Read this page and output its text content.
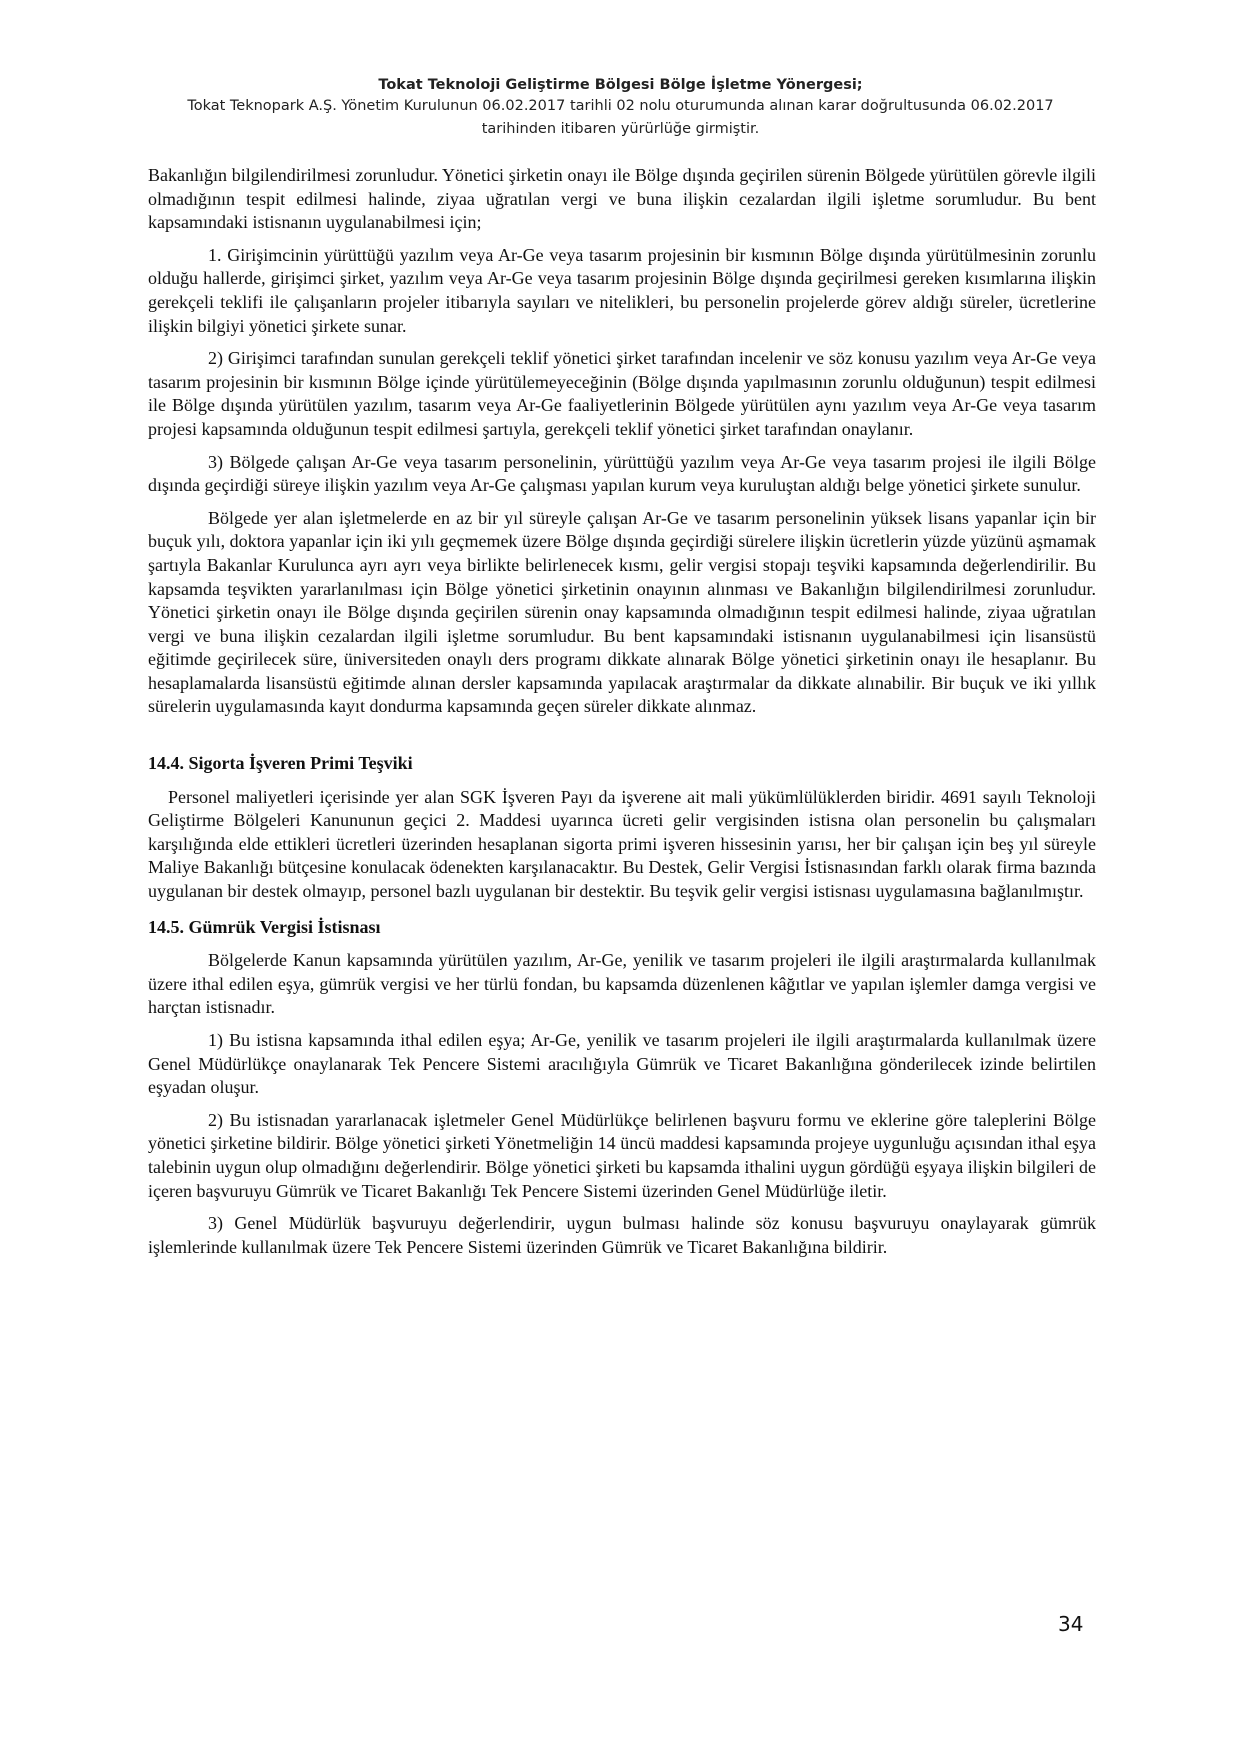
Tokat Teknoloji Geliştirme Bölgesi Bölge İşletme Yönergesi;
Tokat Teknopark A.Ş. Yönetim Kurulunun 06.02.2017 tarihli 02 nolu oturumunda alınan karar doğrultusunda 06.02.2017
tarihinden itibaren yürürlüğe girmiştir.

Bakanlığın bilgilendirilmesi zorunludur. Yönetici şirketin onayı ile Bölge dışında geçirilen sürenin Bölgede yürütülen görevle ilgili olmadığının tespit edilmesi halinde, ziyaa uğratılan vergi ve buna ilişkin cezalardan ilgili işletme sorumludur. Bu bent kapsamındaki istisnanın uygulanabilmesi için;

1. Girişimcinin yürüttüğü yazılım veya Ar-Ge veya tasarım projesinin bir kısmının Bölge dışında yürütülmesinin zorunlu olduğu hallerde, girişimci şirket, yazılım veya Ar-Ge veya tasarım projesinin Bölge dışında geçirilmesi gereken kısımlarına ilişkin gerekçeli teklifi ile çalışanların projeler itibarıyla sayıları ve nitelikleri, bu personelin projelerde görev aldığı süreler, ücretlerine ilişkin bilgiyi yönetici şirkete sunar.

2) Girişimci tarafından sunulan gerekçeli teklif yönetici şirket tarafından incelenir ve söz konusu yazılım veya Ar-Ge veya tasarım projesinin bir kısmının Bölge içinde yürütülemeyeceğinin (Bölge dışında yapılmasının zorunlu olduğunun) tespit edilmesi ile Bölge dışında yürütülen yazılım, tasarım veya Ar-Ge faaliyetlerinin Bölgede yürütülen aynı yazılım veya Ar-Ge veya tasarım projesi kapsamında olduğunun tespit edilmesi şartıyla, gerekçeli teklif yönetici şirket tarafından onaylanır.

3) Bölgede çalışan Ar-Ge veya tasarım personelinin, yürüttüğü yazılım veya Ar-Ge veya tasarım projesi ile ilgili Bölge dışında geçirdiği süreye ilişkin yazılım veya Ar-Ge çalışması yapılan kurum veya kuruluştan aldığı belge yönetici şirkete sunulur.

Bölgede yer alan işletmelerde en az bir yıl süreyle çalışan Ar-Ge ve tasarım personelinin yüksek lisans yapanlar için bir buçuk yılı, doktora yapanlar için iki yılı geçmemek üzere Bölge dışında geçirdiği sürelere ilişkin ücretlerin yüzde yüzünü aşmamak şartıyla Bakanlar Kurulunca ayrı ayrı veya birlikte belirlenecek kısmı, gelir vergisi stopajı teşviki kapsamında değerlendirilir. Bu kapsamda teşvikten yararlanılması için Bölge yönetici şirketinin onayının alınması ve Bakanlığın bilgilendirilmesi zorunludur. Yönetici şirketin onayı ile Bölge dışında geçirilen sürenin onay kapsamında olmadığının tespit edilmesi halinde, ziyaa uğratılan vergi ve buna ilişkin cezalardan ilgili işletme sorumludur. Bu bent kapsamındaki istisnanın uygulanabilmesi için lisansüstü eğitimde geçirilecek süre, üniversiteden onaylı ders programı dikkate alınarak Bölge yönetici şirketinin onayı ile hesaplanır. Bu hesaplamalarda lisansüstü eğitimde alınan dersler kapsamında yapılacak araştırmalar da dikkate alınabilir. Bir buçuk ve iki yıllık sürelerin uygulamasında kayıt dondurma kapsamında geçen süreler dikkate alınmaz.

14.4. Sigorta İşveren Primi Teşviki

Personel maliyetleri içerisinde yer alan SGK İşveren Payı da işverene ait mali yükümlülüklerden biridir. 4691 sayılı Teknoloji Geliştirme Bölgeleri Kanununun geçici 2. Maddesi uyarınca ücreti gelir vergisinden istisna olan personelin bu çalışmaları karşılığında elde ettikleri ücretleri üzerinden hesaplanan sigorta primi işveren hissesinin yarısı, her bir çalışan için beş yıl süreyle Maliye Bakanlığı bütçesine konulacak ödenekten karşılanacaktır. Bu Destek, Gelir Vergisi İstisnasından farklı olarak firma bazında uygulanan bir destek olmayıp, personel bazlı uygulanan bir destektir. Bu teşvik gelir vergisi istisnası uygulamasına bağlanılmıştır.

14.5. Gümrük Vergisi İstisnası

Bölgelerde Kanun kapsamında yürütülen yazılım, Ar-Ge, yenilik ve tasarım projeleri ile ilgili araştırmalarda kullanılmak üzere ithal edilen eşya, gümrük vergisi ve her türlü fondan, bu kapsamda düzenlenen kâğıtlar ve yapılan işlemler damga vergisi ve harçtan istisnadır.

1) Bu istisna kapsamında ithal edilen eşya; Ar-Ge, yenilik ve tasarım projeleri ile ilgili araştırmalarda kullanılmak üzere Genel Müdürlükçe onaylanarak Tek Pencere Sistemi aracılığıyla Gümrük ve Ticaret Bakanlığına gönderilecek izinde belirtilen eşyadan oluşur.

2) Bu istisnadan yararlanacak işletmeler Genel Müdürlükçe belirlenen başvuru formu ve eklerine göre taleplerini Bölge yönetici şirketine bildirir. Bölge yönetici şirketi Yönetmeliğin 14 üncü maddesi kapsamında projeye uygunluğu açısından ithal eşya talebinin uygun olup olmadığını değerlendirir. Bölge yönetici şirketi bu kapsamda ithalini uygun gördüğü eşyaya ilişkin bilgileri de içeren başvuruyu Gümrük ve Ticaret Bakanlığı Tek Pencere Sistemi üzerinden Genel Müdürlüğe iletir.

3) Genel Müdürlük başvuruyu değerlendirir, uygun bulması halinde söz konusu başvuruyu onaylayarak gümrük işlemlerinde kullanılmak üzere Tek Pencere Sistemi üzerinden Gümrük ve Ticaret Bakanlığına bildirir.

34
